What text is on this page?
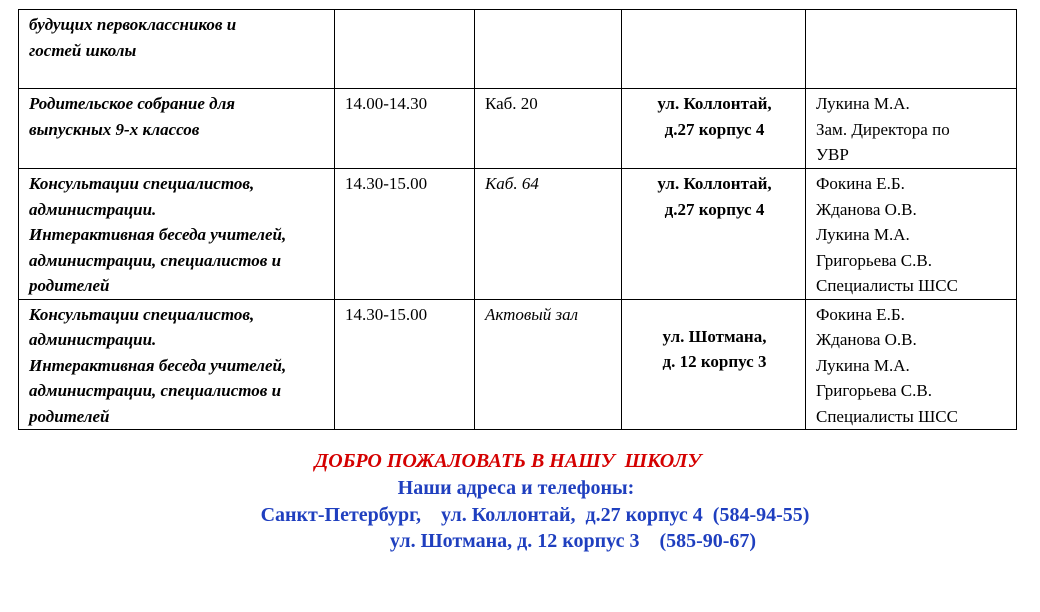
будущих первоклассников и
гостей школы				

Родительское собрание для
выпускных 9-х классов	14.00-14.30	Каб. 20	ул. Коллонтай,
д.27 корпус 4	Лукина М.А.
Зам. Директора по
УВР

Консультации специалистов,
администрации.
Интерактивная беседа учителей,
администрации, специалистов и
родителей	14.30-15.00	Каб. 64	ул. Коллонтай,
д.27 корпус 4	Фокина Е.Б.
Жданова О.В.
Лукина М.А.
Григорьева С.В.
Специалисты ШСС

Консультации специалистов,
администрации.
Интерактивная беседа учителей,
администрации, специалистов и
родителей	14.30-15.00	Актовый зал	ул. Шотмана,
д. 12 корпус 3	Фокина Е.Б.
Жданова О.В.
Лукина М.А.
Григорьева С.В.
Специалисты ШСС
ДОБРО ПОЖАЛОВАТЬ В НАШУ  ШКОЛУ
Наши адреса и телефоны:
Санкт-Петербург,    ул. Коллонтай,  д.27 корпус 4  (584-94-55)
ул. Шотмана, д. 12 корпус 3    (585-90-67)
